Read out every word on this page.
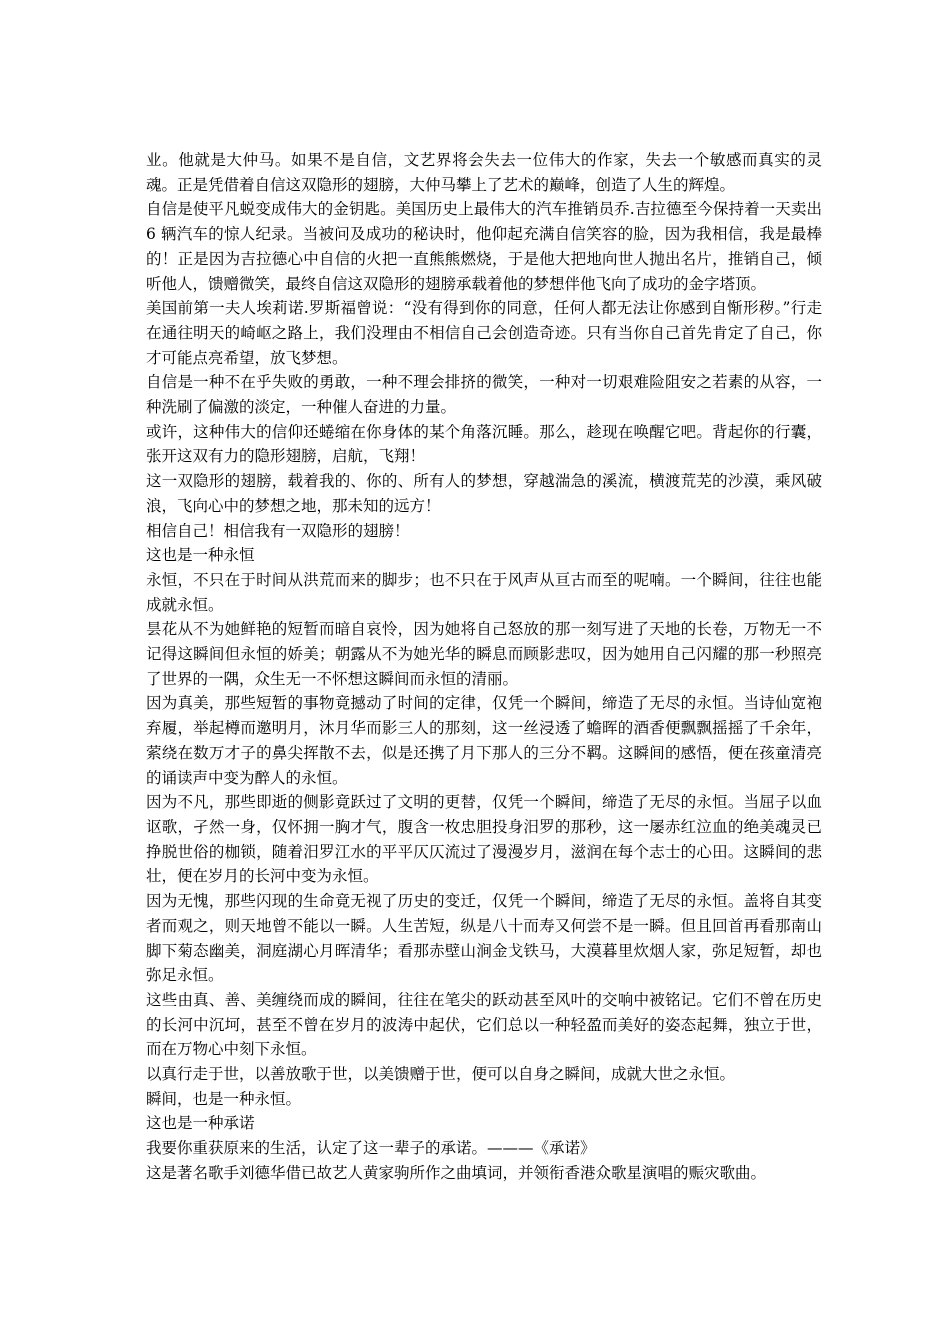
业。他就是大仲马。如果不是自信，文艺界将会失去一位伟大的作家，失去一个敏感而真实的灵魂。正是凭借着自信这双隐形的翅膀，大仲马攀上了艺术的巅峰，创造了人生的辉煌。

自信是使平凡蜕变成伟大的金钥匙。美国历史上最伟大的汽车推销员乔.吉拉德至今保持着一天卖出 6 辆汽车的惊人纪录。当被问及成功的秘诀时，他仰起充满自信笑容的脸，因为我相信，我是最棒的！正是因为吉拉德心中自信的火把一直熊熊燃烧，于是他大把地向世人抛出名片，推销自己，倾听他人，馈赠微笑，最终自信这双隐形的翅膀承载着他的梦想伴他飞向了成功的金字塔顶。

美国前第一夫人埃莉诺.罗斯福曾说：“没有得到你的同意，任何人都无法让你感到自惭形秽。”行走在通往明天的崎岖之路上，我们没理由不相信自己会创造奇迹。只有当你自己首先肯定了自己，你才可能点亮希望，放飞梦想。

自信是一种不在乎失败的勇敢，一种不理会排挤的微笑，一种对一切艰难险阻安之若素的从容，一种洗刷了偏激的淡定，一种催人奋进的力量。

或许，这种伟大的信仰还蜷缩在你身体的某个角落沉睡。那么，趁现在唤醒它吧。背起你的行囊，张开这双有力的隐形翅膀，启航，飞翔！

这一双隐形的翅膀，载着我的、你的、所有人的梦想，穿越湍急的溪流，横渡荒芜的沙漠，乘风破浪，飞向心中的梦想之地，那未知的远方！

相信自己！相信我有一双隐形的翅膀！

这也是一种永恒

永恒，不只在于时间从洪荒而来的脚步；也不只在于风声从亘古而至的呢喃。一个瞬间，往往也能成就永恒。

昙花从不为她鲜艳的短暂而暗自哀怜，因为她将自己怒放的那一刻写进了天地的长卷，万物无一不记得这瞬间但永恒的娇美；朝露从不为她光华的瞬息而顾影悲叹，因为她用自己闪耀的那一秒照亮了世界的一隅，众生无一不怀想这瞬间而永恒的清丽。

因为真美，那些短暂的事物竟撼动了时间的定律，仅凭一个瞬间，缔造了无尽的永恒。当诗仙宽袍弃履，举起樽而邀明月，沐月华而影三人的那刻，这一丝浸透了蟾晖的酒香便飘飘摇摇了千余年，萦绕在数万才子的鼻尖挥散不去，似是还携了月下那人的三分不羁。这瞬间的感悟，便在孩童清亮的诵读声中变为醉人的永恒。

因为不凡，那些即逝的侧影竟跃过了文明的更替，仅凭一个瞬间，缔造了无尽的永恒。当屈子以血讴歌，孑然一身，仅怀拥一胸才气，腹含一枚忠胆投身汨罗的那秒，这一屡赤红泣血的绝美魂灵已挣脱世俗的枷锁，随着汨罗江水的平平仄仄流过了漫漫岁月，滋润在每个志士的心田。这瞬间的悲壮，便在岁月的长河中变为永恒。

因为无愧，那些闪现的生命竟无视了历史的变迁，仅凭一个瞬间，缔造了无尽的永恒。盖将自其变者而观之，则天地曾不能以一瞬。人生苦短，纵是八十而寿又何尝不是一瞬。但且回首再看那南山脚下菊态幽美，洞庭湖心月晖清华；看那赤壁山涧金戈铁马，大漠暮里炊烟人家，弥足短暂，却也弥足永恒。

这些由真、善、美缠绕而成的瞬间，往往在笔尖的跃动甚至风叶的交响中被铭记。它们不曾在历史的长河中沉坷，甚至不曾在岁月的波涛中起伏，它们总以一种轻盈而美好的姿态起舞，独立于世，而在万物心中刻下永恒。

以真行走于世，以善放歌于世，以美馈赠于世，便可以自身之瞬间，成就大世之永恒。

瞬间，也是一种永恒。

这也是一种承诺

我要你重获原来的生活，认定了这一辈子的承诺。———《承诺》

这是著名歌手刘德华借已故艺人黄家驹所作之曲填词，并领衔香港众歌星演唱的赈灾歌曲。
